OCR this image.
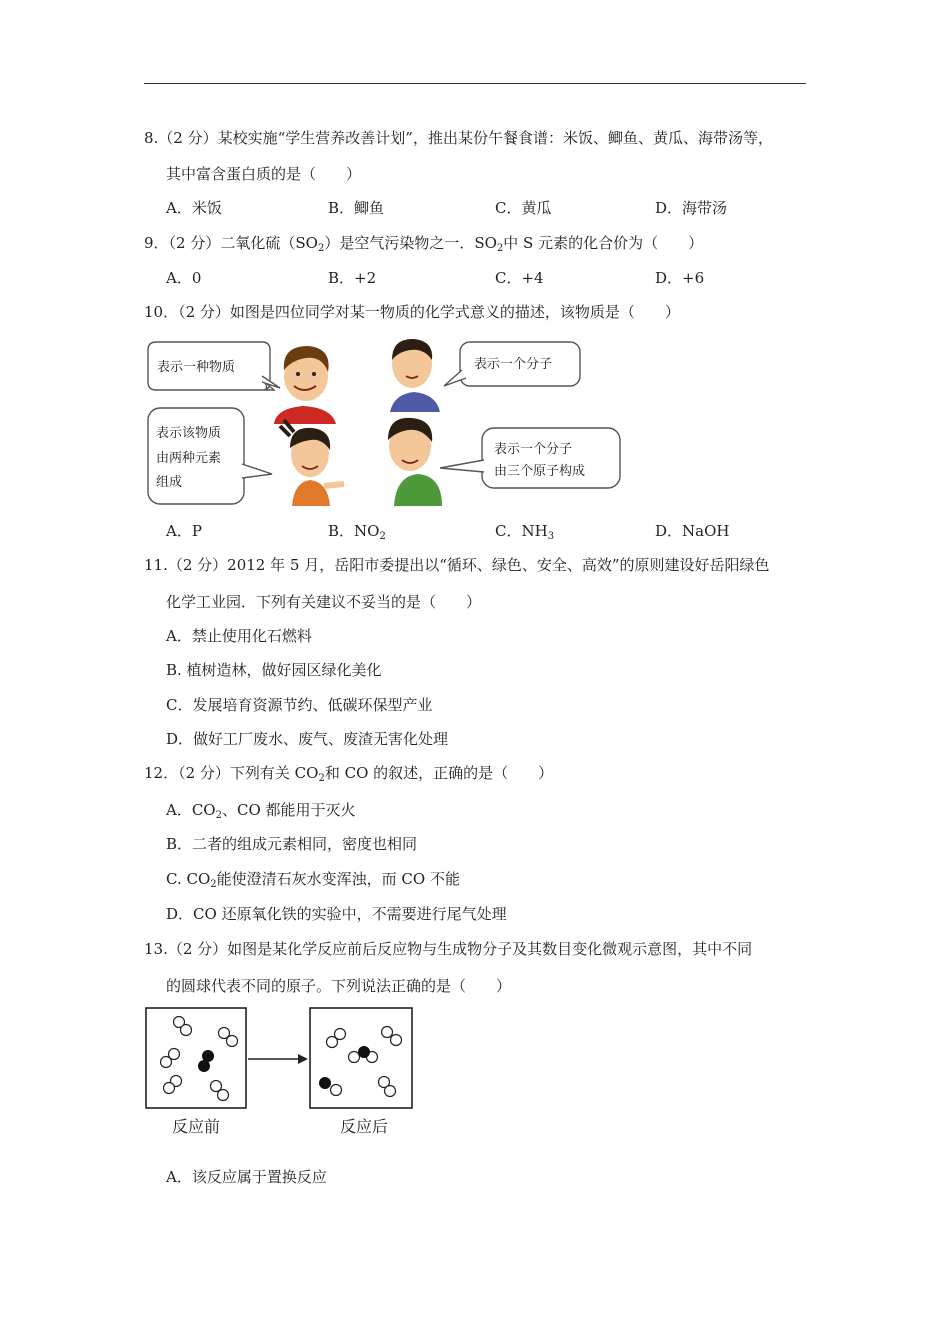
8.（2 分）某校实施“学生营养改善计划”，推出某份午餐食谱：米饭、鲫鱼、黄瓜、海带汤等，
其中富含蛋白质的是（　　）
A．米饭	B．鲫鱼	C．黄瓜	D．海带汤
9．（2 分）二氧化硫$(SO_2)$是空气污染物之一．$SO_2$中 S 元素的化合价为（　　）
A．0	B．+2	C．+4	D．+6
10．（2 分）如图是四位同学对某一物质的化学式意义的描述，该物质是（　　）
表示一种物质	表示一个分子
表示该物质
由两种元素
组成
表示一个分子
由三个原子构成
A．P	B．$NO_2$	C．$NH_3$	D．NaOH
11.（2 分）2012 年 5 月，岳阳市委提出以“循环、绿色、安全、高效”的原则建设好岳阳绿色
化学工业园．下列有关建议不妥当的是（　　）
A．禁止使用化石燃料
B. 植树造林，做好园区绿化美化
C．发展培育资源节约、低碳环保型产业
D．做好工厂废水、废气、废渣无害化处理
12．（2 分）下列有关 $CO_2$和 CO 的叙述，正确的是（　　）
A．$CO_2$、CO 都能用于灭火
B．二者的组成元素相同，密度也相同
C. $CO_2$能使澄清石灰水变浑浊，而 CO 不能
D．CO 还原氧化铁的实验中，不需要进行尾气处理
13.（2 分）如图是某化学反应前后反应物与生成物分子及其数目变化微观示意图，其中不同
的圆球代表不同的原子。下列说法正确的是（　　）
反应前	反应后
A．该反应属于置换反应
